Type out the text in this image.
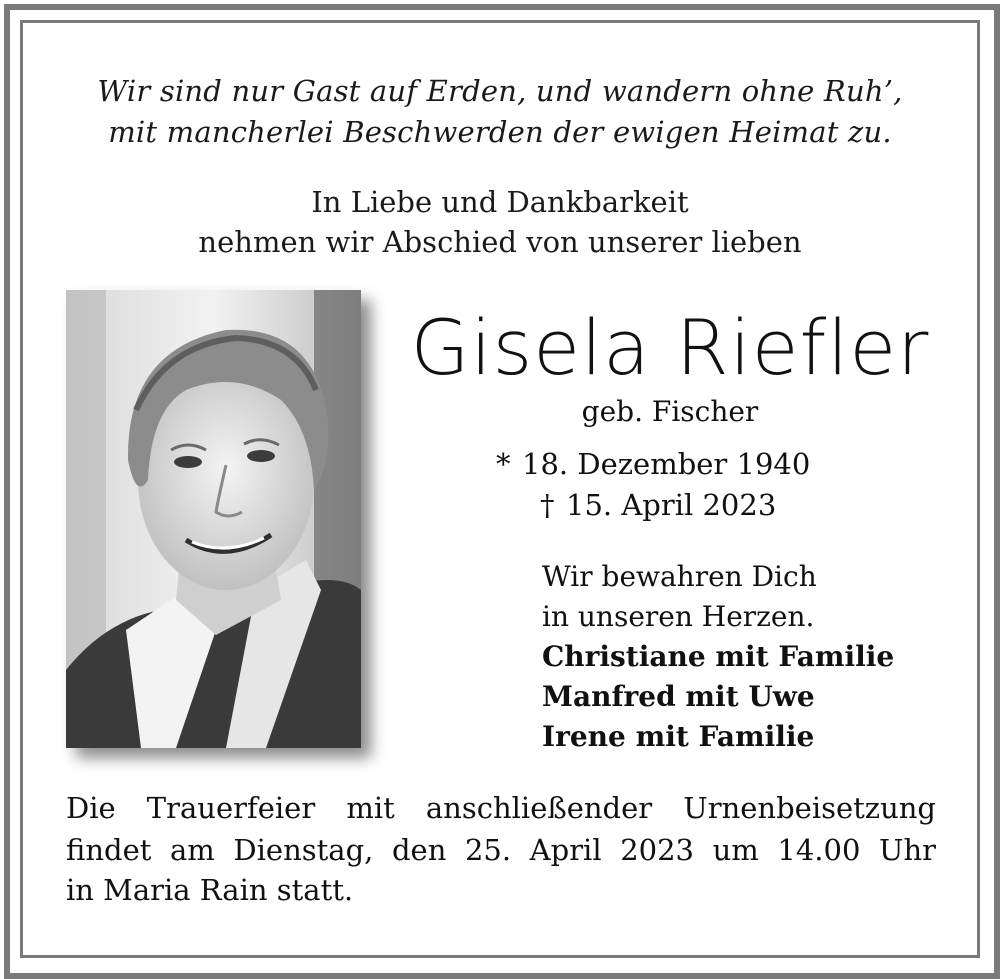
Wir sind nur Gast auf Erden, und wandern ohne Ruh’,
mit mancherlei Beschwerden der ewigen Heimat zu.
In Liebe und Dankbarkeit
nehmen wir Abschied von unserer lieben
Gisela Riefler
geb. Fischer
* 18. Dezember 1940
† 15. April 2023
Wir bewahren Dich
in unseren Herzen.
Christiane mit Familie
Manfred mit Uwe
Irene mit Familie
Die Trauerfeier mit anschließender Urnenbeisetzung
findet am Dienstag, den 25. April 2023 um 14.00 Uhr
in Maria Rain statt.
